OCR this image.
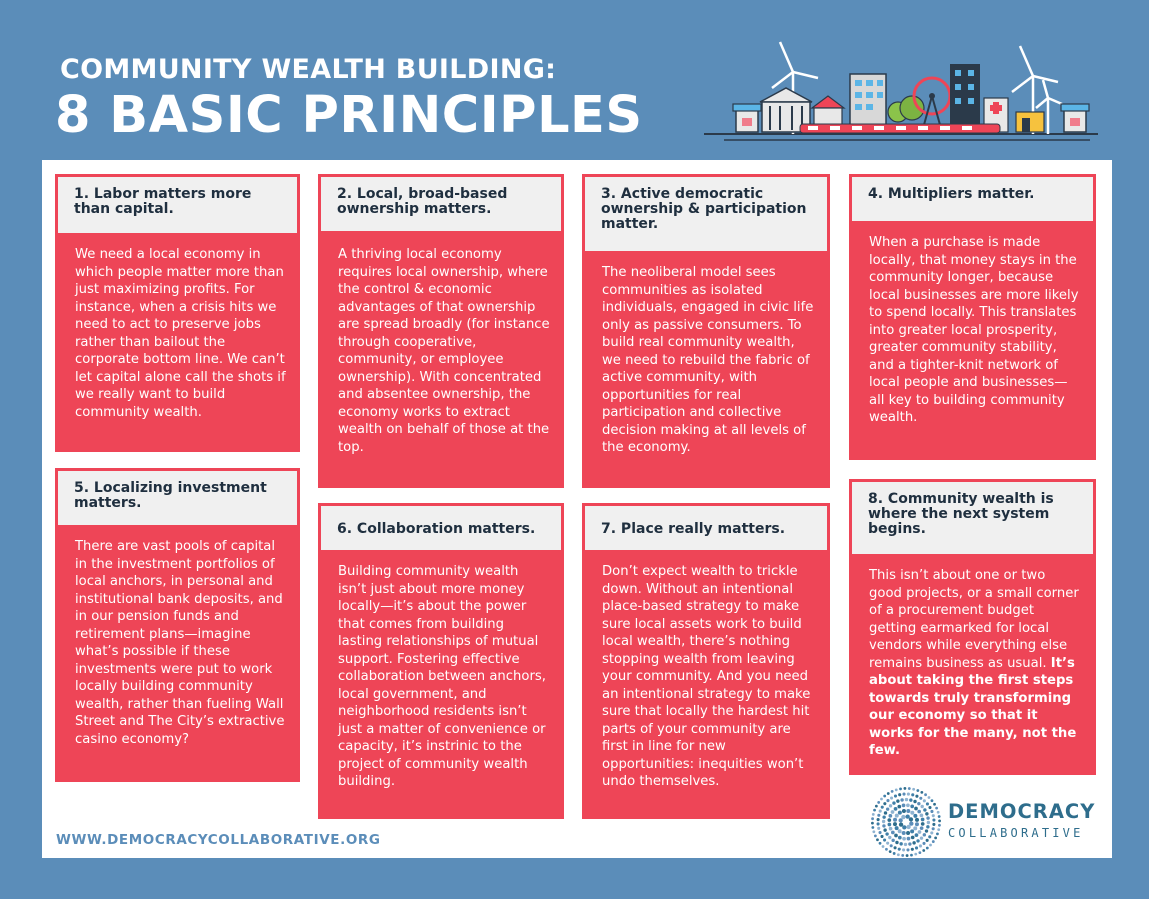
COMMUNITY WEALTH BUILDING:
8 BASIC PRINCIPLES
1. Labor matters more than capital.
We need a local economy in which people matter more than just maximizing profits. For instance, when a crisis hits we need to act to preserve jobs rather than bailout the corporate bottom line. We can’t let capital alone call the shots if we really want to build community wealth.
2. Local, broad-based ownership matters.
A thriving local economy requires local ownership, where the control & economic advantages of that ownership are spread broadly (for instance through cooperative, community, or employee ownership). With concentrated and absentee ownership, the economy works to extract wealth on behalf of those at the top.
3. Active democratic ownership & participation matter.
The neoliberal model sees communities as isolated individuals, engaged in civic life only as passive consumers. To build real community wealth, we need to rebuild the fabric of active community, with opportunities for real participation and collective decision making at all levels of the economy.
4. Multipliers matter.
When a purchase is made locally, that money stays in the community longer, because local businesses are more likely to spend locally. This translates into greater local prosperity, greater community stability, and a tighter-knit network of local people and businesses—all key to building community wealth.
5. Localizing investment matters.
There are vast pools of capital in the investment portfolios of local anchors, in personal and institutional bank deposits, and in our pension funds and retirement plans—imagine what’s possible if these investments were put to work locally building community wealth, rather than fueling Wall Street and The City’s extractive casino economy?
6. Collaboration matters.
Building community wealth isn’t just about more money locally—it’s about the power that comes from building lasting relationships of mutual support. Fostering effective collaboration between anchors, local government, and neighborhood residents isn’t just a matter of convenience or capacity, it’s instrinic to the project of community wealth building.
7. Place really matters.
Don’t expect wealth to trickle down. Without an intentional place-based strategy to make sure local assets work to build local wealth, there’s nothing stopping wealth from leaving your community. And you need an intentional strategy to make sure that locally the hardest hit parts of your community are first in line for new opportunities: inequities won’t undo themselves.
8. Community wealth is where the next system begins.
This isn’t about one or two good projects, or a small corner of a procurement budget getting earmarked for local vendors while everything else remains business as usual. It’s about taking the first steps towards truly transforming our economy so that it works for the many, not the few.
WWW.DEMOCRACYCOLLABORATIVE.ORG
DEMOCRACY
COLLABORATIVE
